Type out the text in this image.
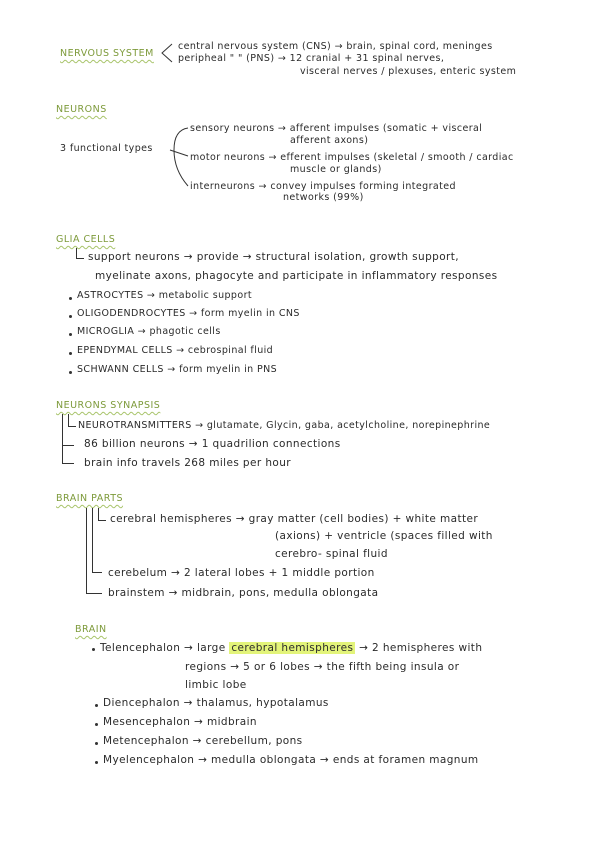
NERVOUS SYSTEM
central nervous system (CNS) → brain, spinal cord, meninges
peripheal " " (PNS) → 12 cranial + 31 spinal nerves,
visceral nerves / plexuses, enteric system
NEURONS
3 functional types
sensory neurons → afferent impulses (somatic + visceral
afferent axons)
motor neurons → efferent impulses (skeletal / smooth / cardiac
muscle or glands)
interneurons → convey impulses forming integrated
networks (99%)
GLIA CELLS
support neurons → provide → structural isolation, growth support,
myelinate axons, phagocyte and participate in inflammatory responses
ASTROCYTES → metabolic support
OLIGODENDROCYTES → form myelin in CNS
MICROGLIA → phagotic cells
EPENDYMAL CELLS → cebrospinal fluid
SCHWANN CELLS → form myelin in PNS
NEURONS SYNAPSIS
NEUROTRANSMITTERS → glutamate, Glycin, gaba, acetylcholine, norepinephrine
86 billion neurons → 1 quadrilion connections
brain info travels 268 miles per hour
BRAIN PARTS
cerebral hemispheres → gray matter (cell bodies) + white matter
(axions) + ventricle (spaces filled with
cerebro- spinal fluid
cerebelum → 2 lateral lobes + 1 middle portion
brainstem → midbrain, pons, medulla oblongata
BRAIN
Telencephalon → large cerebral hemispheres → 2 hemispheres with
regions → 5 or 6 lobes → the fifth being insula or
limbic lobe
Diencephalon → thalamus, hypotalamus
Mesencephalon → midbrain
Metencephalon → cerebellum, pons
Myelencephalon → medulla oblongata → ends at foramen magnum
